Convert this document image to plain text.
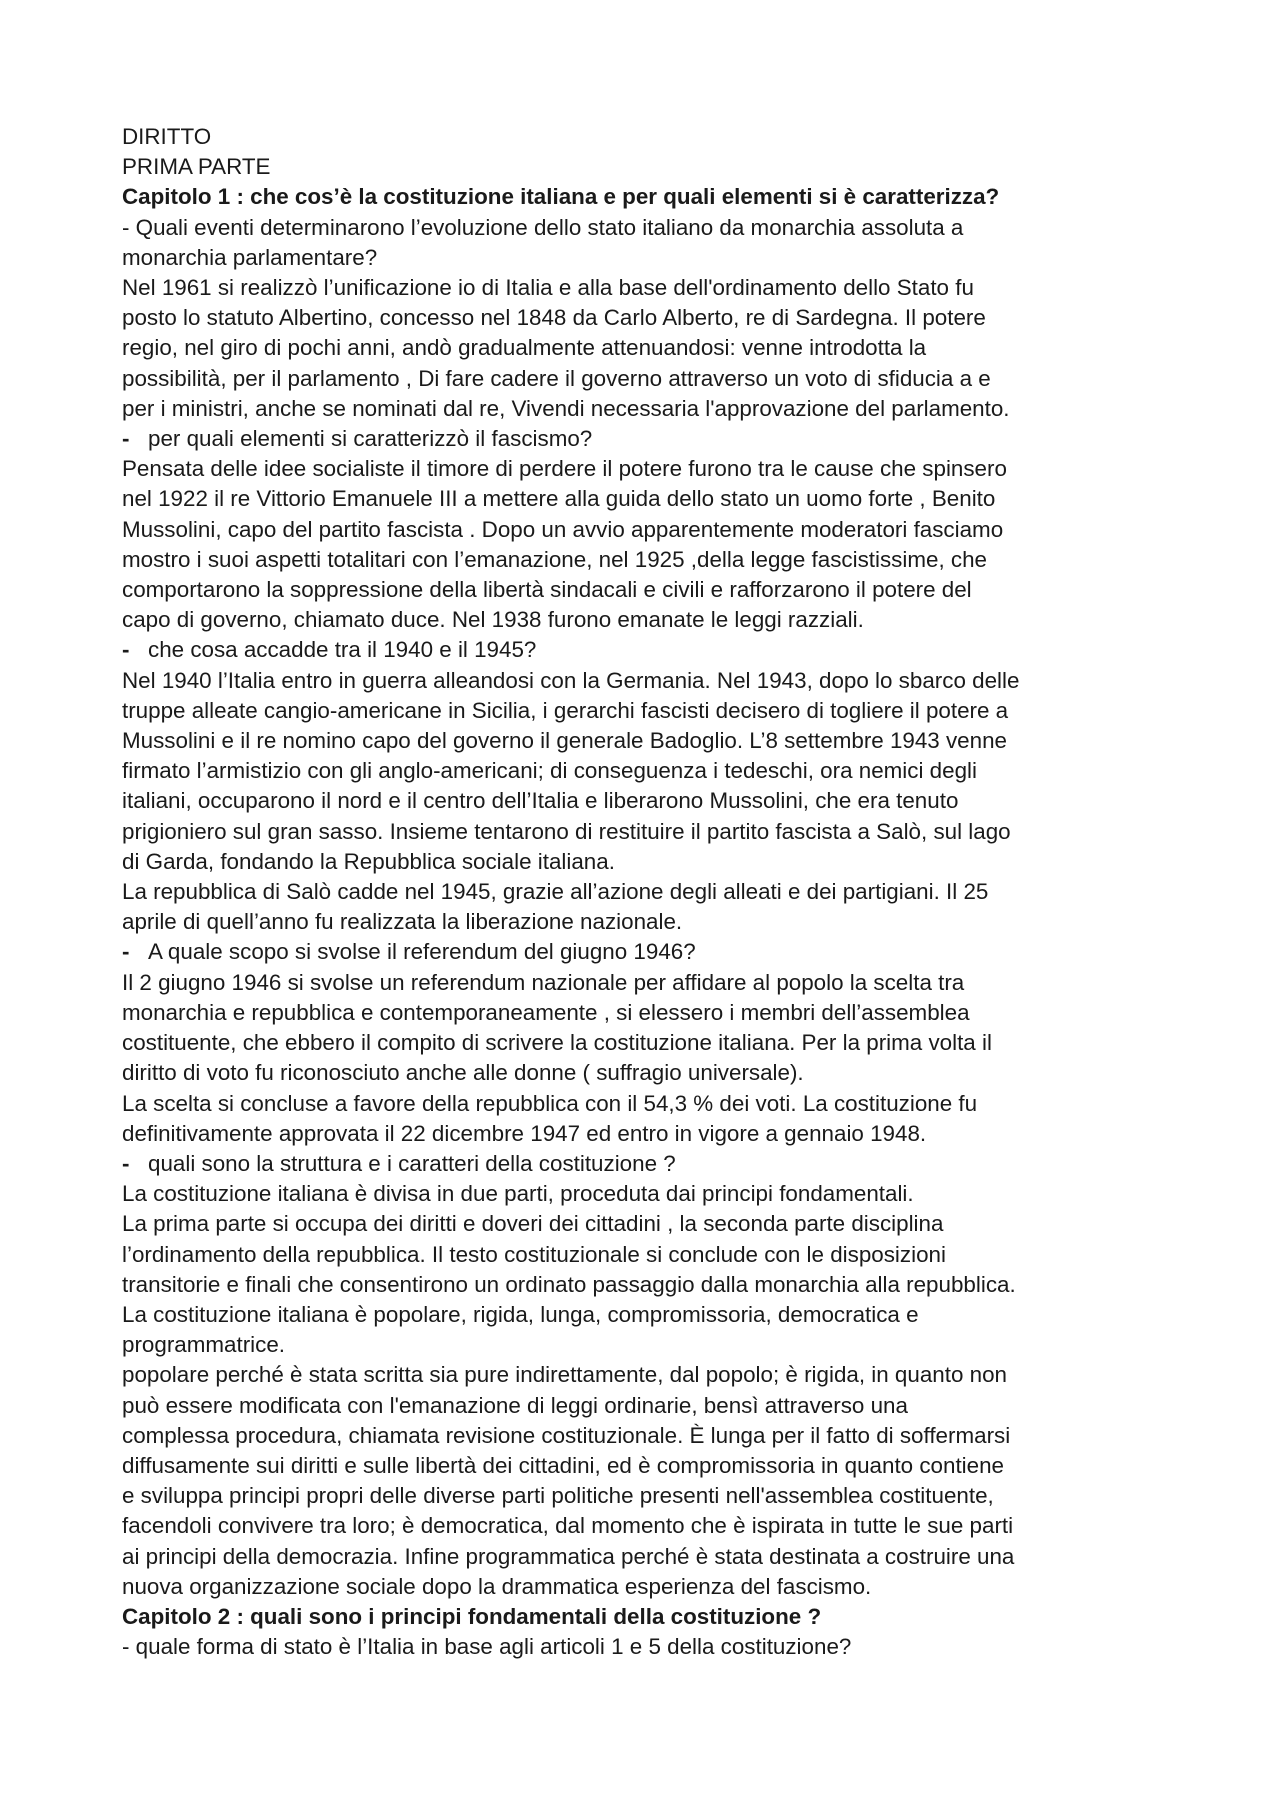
DIRITTO
PRIMA PARTE
Capitolo 1 : che cos’è la costituzione italiana e per quali elementi si è caratterizza?
- Quali eventi determinarono l’evoluzione dello stato italiano da monarchia assoluta a
monarchia parlamentare?
Nel 1961 si realizzò l’unificazione io di Italia e alla base dell'ordinamento dello Stato fu
posto lo statuto Albertino, concesso nel 1848 da Carlo Alberto, re di Sardegna. Il potere
regio, nel giro di pochi anni, andò gradualmente attenuandosi: venne introdotta la
possibilità, per il parlamento , Di fare cadere il governo attraverso un voto di sfiducia a e
per i ministri, anche se nominati dal re, Vivendi necessaria l'approvazione del parlamento.
- per quali elementi si caratterizzò il fascismo?
Pensata delle idee socialiste il timore di perdere il potere furono tra le cause che spinsero
nel 1922 il re Vittorio Emanuele III a mettere alla guida dello stato un uomo forte , Benito
Mussolini, capo del partito fascista . Dopo un avvio apparentemente moderatori fasciamo
mostro i suoi aspetti totalitari con l’emanazione, nel 1925 ,della legge fascistissime, che
comportarono la soppressione della libertà sindacali e civili e rafforzarono il potere del
capo di governo, chiamato duce. Nel 1938 furono emanate le leggi razziali.
- che cosa accadde tra il 1940 e il 1945?
Nel 1940 l’Italia entro in guerra alleandosi con la Germania. Nel 1943, dopo lo sbarco delle
truppe alleate cangio-americane in Sicilia, i gerarchi fascisti decisero di togliere il potere a
Mussolini e il re nomino capo del governo il generale Badoglio. L’8 settembre 1943 venne
firmato l’armistizio con gli anglo-americani; di conseguenza i tedeschi, ora nemici degli
italiani, occuparono il nord e il centro dell’Italia e liberarono Mussolini, che era tenuto
prigioniero sul gran sasso. Insieme tentarono di restituire il partito fascista a Salò, sul lago
di Garda, fondando la Repubblica sociale italiana.
La repubblica di Salò cadde nel 1945, grazie all’azione degli alleati e dei partigiani. Il 25
aprile di quell’anno fu realizzata la liberazione nazionale.
- A quale scopo si svolse il referendum del giugno 1946?
Il 2 giugno 1946 si svolse un referendum nazionale per affidare al popolo la scelta tra
monarchia e repubblica e contemporaneamente , si elessero i membri dell’assemblea
costituente, che ebbero il compito di scrivere la costituzione italiana. Per la prima volta il
diritto di voto fu riconosciuto anche alle donne ( suffragio universale).
La scelta si concluse a favore della repubblica con il 54,3 % dei voti. La costituzione fu
definitivamente approvata il 22 dicembre 1947 ed entro in vigore a gennaio 1948.
- quali sono la struttura e i caratteri della costituzione ?
La costituzione italiana è divisa in due parti, proceduta dai principi fondamentali.
La prima parte si occupa dei diritti e doveri dei cittadini , la seconda parte disciplina
l’ordinamento della repubblica. Il testo costituzionale si conclude con le disposizioni
transitorie e finali che consentirono un ordinato passaggio dalla monarchia alla repubblica.
La costituzione italiana è popolare, rigida, lunga, compromissoria, democratica e
programmatrice.
popolare perché è stata scritta sia pure indirettamente, dal popolo; è rigida, in quanto non
può essere modificata con l'emanazione di leggi ordinarie, bensì attraverso una
complessa procedura, chiamata revisione costituzionale. È lunga per il fatto di soffermarsi
diffusamente sui diritti e sulle libertà dei cittadini, ed è compromissoria in quanto contiene
e sviluppa principi propri delle diverse parti politiche presenti nell'assemblea costituente,
facendoli convivere tra loro; è democratica, dal momento che è ispirata in tutte le sue parti
ai principi della democrazia. Infine programmatica perché è stata destinata a costruire una
nuova organizzazione sociale dopo la drammatica esperienza del fascismo.
Capitolo 2 : quali sono i principi fondamentali della costituzione ?
- quale forma di stato è l’Italia in base agli articoli 1 e 5 della costituzione?
